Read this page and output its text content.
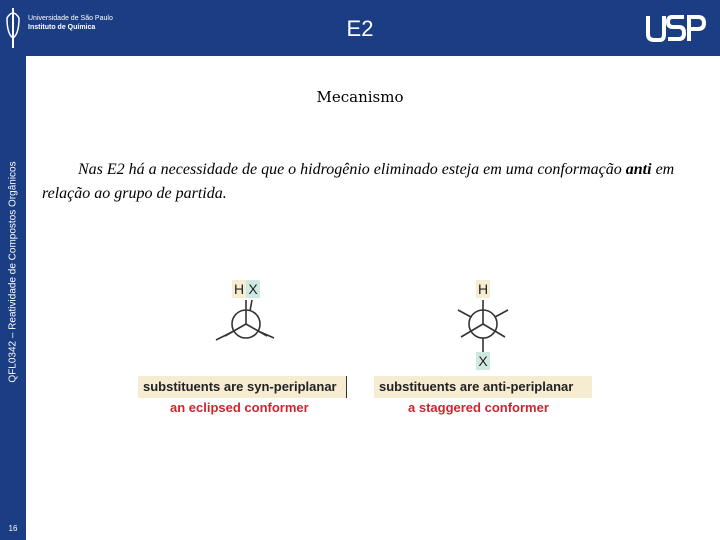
Universidade de São Paulo
Instituto de Química	E2
QFL0342 – Reatividade de Compostos Orgânicos
16
Mecanismo
Nas E2 há a necessidade de que o hidrogênio eliminado esteja em uma conformação anti em relação ao grupo de partida.
H X	H
X
substituents are syn-periplanar	substituents are anti-periplanar
an eclipsed conformer	a staggered conformer
